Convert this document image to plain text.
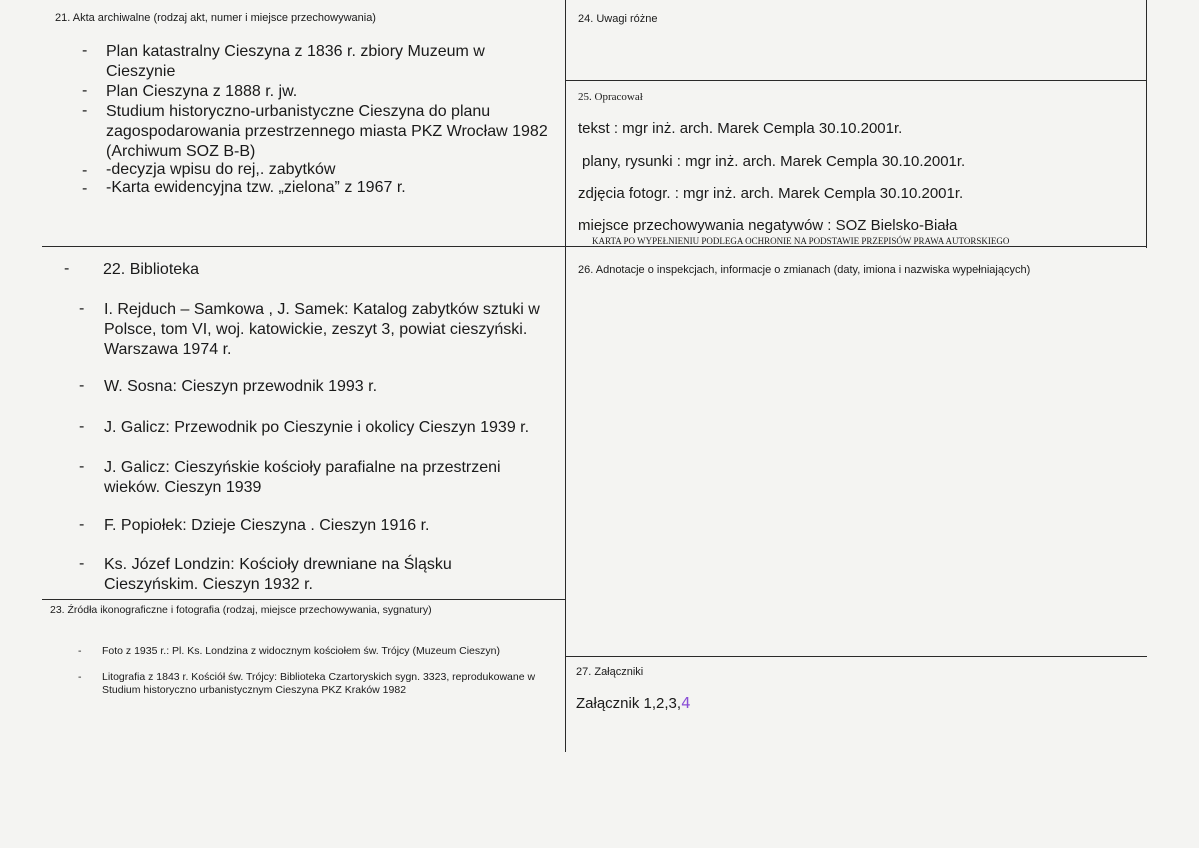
21. Akta archiwalne (rodzaj akt, numer i miejsce przechowywania)
- Plan katastralny Cieszyna z 1836 r. zbiory Muzeum w Cieszynie
- Plan Cieszyna z 1888 r. jw.
- Studium historyczno-urbanistyczne Cieszyna do planu zagospodarowania przestrzennego miasta PKZ Wrocław 1982 (Archiwum SOZ B-B)
- -decyzja wpisu do rej,. zabytków
- -Karta ewidencyjna tzw. „zielona” z 1967 r.
24. Uwagi różne
25. Opracował
tekst : mgr inż. arch. Marek Cempla 30.10.2001r.
plany, rysunki : mgr inż. arch. Marek Cempla 30.10.2001r.
zdjęcia fotogr. : mgr inż. arch. Marek Cempla 30.10.2001r.
miejsce przechowywania negatywów : SOZ Bielsko-Biała
KARTA PO WYPEŁNIENIU PODLEGA OCHRONIE NA PODSTAWIE PRZEPISÓW PRAWA AUTORSKIEGO
- 22. Biblioteka
- I. Rejduch – Samkowa , J. Samek: Katalog zabytków sztuki w Polsce, tom VI, woj. katowickie, zeszyt 3, powiat cieszyński. Warszawa 1974 r.
- W. Sosna: Cieszyn przewodnik 1993 r.
- J. Galicz: Przewodnik po Cieszynie i okolicy Cieszyn 1939 r.
- J. Galicz: Cieszyńskie kościoły parafialne na przestrzeni wieków. Cieszyn 1939
- F. Popiołek: Dzieje Cieszyna . Cieszyn 1916 r.
- Ks. Józef Londzin: Kościoły drewniane na Śląsku Cieszyńskim. Cieszyn 1932 r.
26. Adnotacje o inspekcjach, informacje o zmianach (daty, imiona i nazwiska wypełniających)
23. Źródła ikonograficzne i fotografia (rodzaj, miejsce przechowywania, sygnatury)
- Foto z 1935 r.: Pl. Ks. Londzina z widocznym kościołem św. Trójcy (Muzeum Cieszyn)
- Litografia z 1843 r. Kościół św. Trójcy: Biblioteka Czartoryskich sygn. 3323, reprodukowane w Studium historyczno urbanistycznym Cieszyna PKZ Kraków 1982
27. Załączniki
Załącznik 1,2,3,4
